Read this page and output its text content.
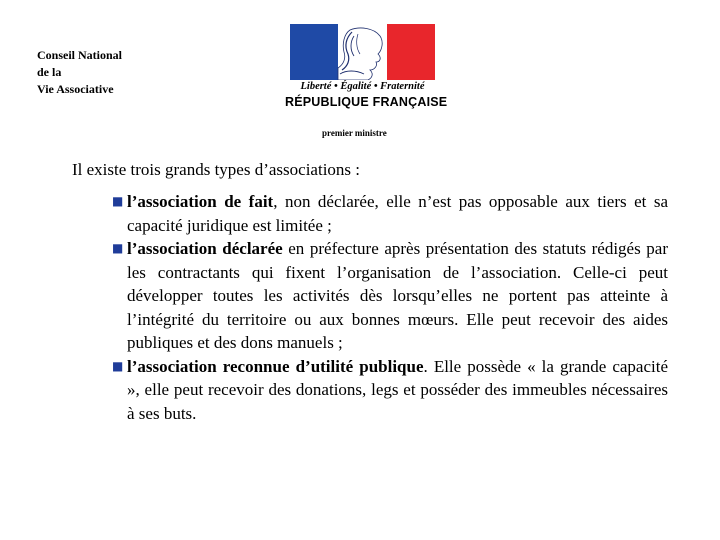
Conseil National
de la
Vie Associative	Liberté • Égalité • Fraternité
RÉPUBLIQUE FRANÇAISE
premier ministre
Il existe trois grands types d’associations :
■ l’association de fait, non déclarée, elle n’est pas opposable aux tiers et sa capacité juridique est limitée ;
■ l’association déclarée en préfecture après présentation des statuts rédigés par les contractants qui fixent l’organisation de l’association. Celle-ci peut développer toutes les activités dès lorsqu’elles ne portent pas atteinte à l’intégrité du territoire ou aux bonnes mœurs. Elle peut recevoir des aides publiques et des dons manuels ;
■ l’association reconnue d’utilité publique. Elle possède « la grande capacité », elle peut recevoir des donations, legs et posséder des immeubles nécessaires à ses buts.
